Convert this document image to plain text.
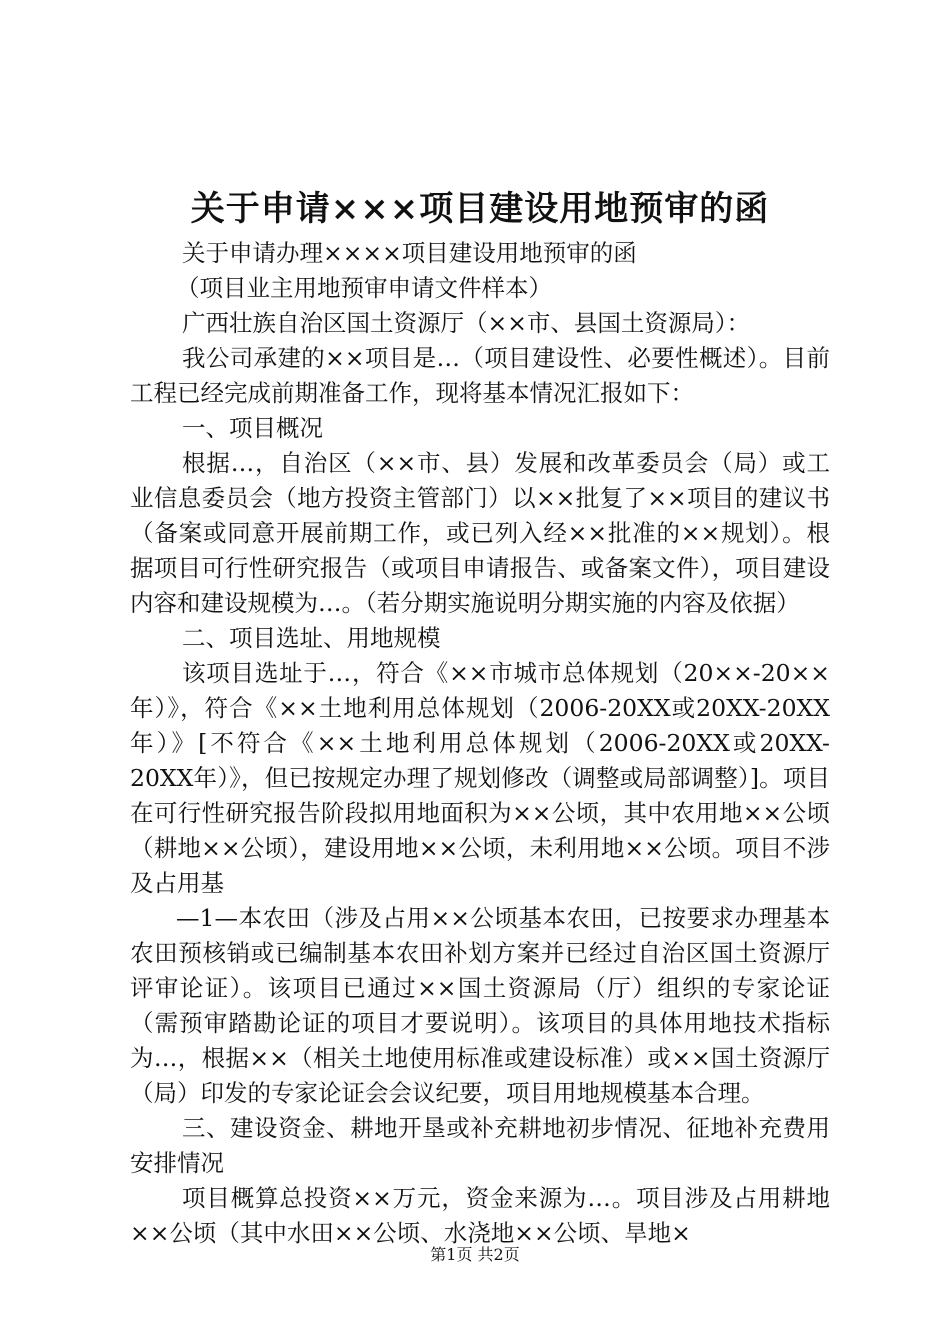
关于申请×××项目建设用地预审的函

关于申请办理××××项目建设用地预审的函

（项目业主用地预审申请文件样本）

广西壮族自治区国土资源厅（××市、县国土资源局）：

我公司承建的××项目是…（项目建设性、必要性概述）。目前工程已经完成前期准备工作，现将基本情况汇报如下：

一、项目概况

根据…，自治区（××市、县）发展和改革委员会（局）或工业信息委员会（地方投资主管部门）以××批复了××项目的建议书（备案或同意开展前期工作，或已列入经××批准的××规划）。根据项目可行性研究报告（或项目申请报告、或备案文件），项目建设内容和建设规模为…。（若分期实施说明分期实施的内容及依据）

二、项目选址、用地规模

该项目选址于…，符合《××市城市总体规划（20××-20××年）》，符合《××土地利用总体规划（2006-20XX或20XX-20XX年）》[不符合《××土地利用总体规划（2006-20XX或20XX-20XX年）》，但已按规定办理了规划修改（调整或局部调整）]。项目在可行性研究报告阶段拟用地面积为××公顷，其中农用地××公顷（耕地××公顷），建设用地××公顷，未利用地××公顷。项目不涉及占用基

—1—本农田（涉及占用××公顷基本农田，已按要求办理基本农田预核销或已编制基本农田补划方案并已经过自治区国土资源厅评审论证）。该项目已通过××国土资源局（厅）组织的专家论证（需预审踏勘论证的项目才要说明）。该项目的具体用地技术指标为…，根据××（相关土地使用标准或建设标准）或××国土资源厅（局）印发的专家论证会会议纪要，项目用地规模基本合理。

三、建设资金、耕地开垦或补充耕地初步情况、征地补充费用安排情况

项目概算总投资××万元，资金来源为…。项目涉及占用耕地××公顷（其中水田××公顷、水浇地××公顷、旱地×

第1页 共2页
